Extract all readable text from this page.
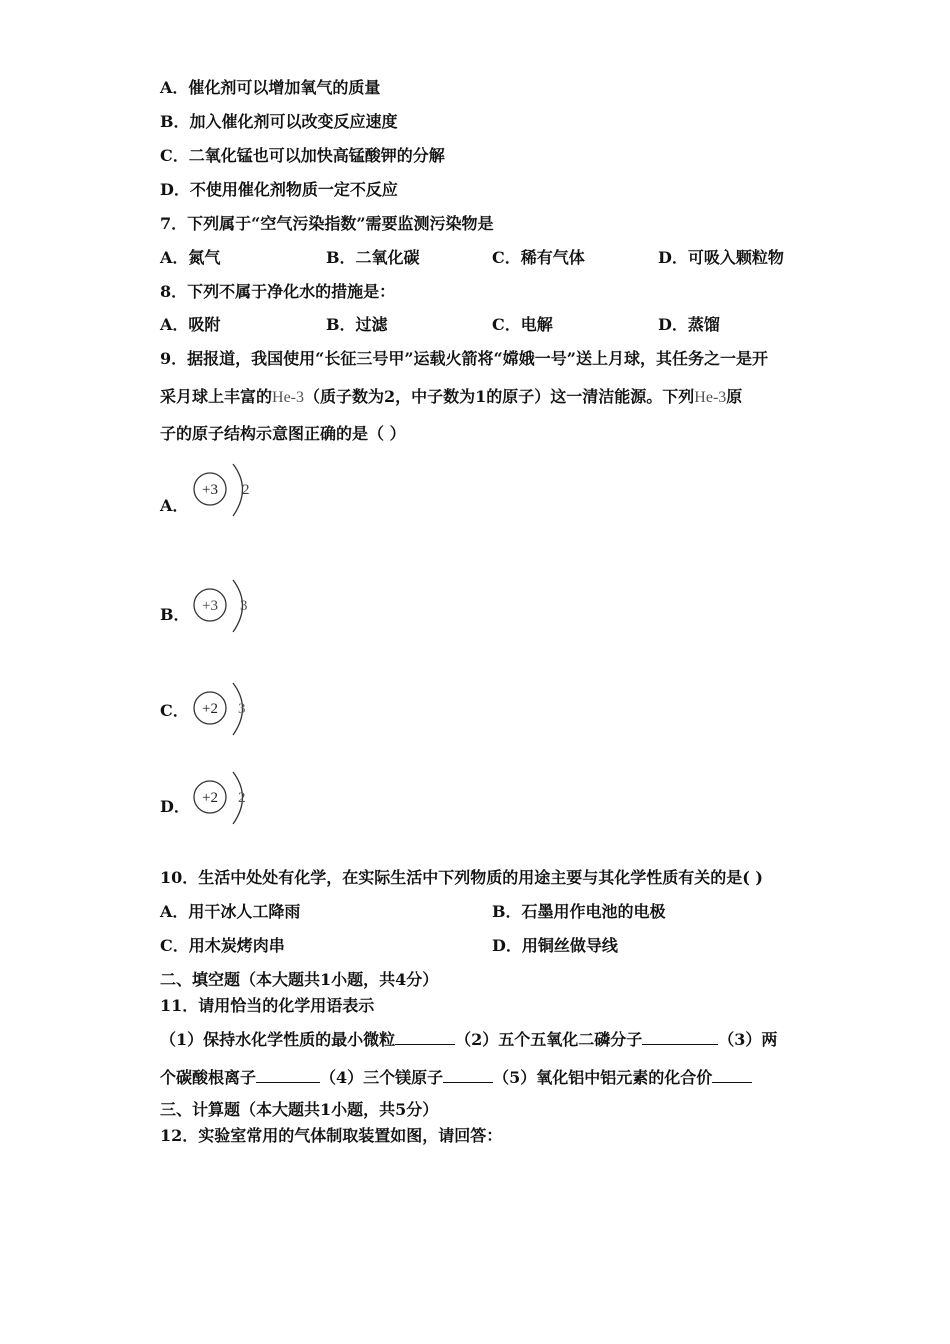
A．催化剂可以增加氧气的质量
B．加入催化剂可以改变反应速度
C．二氧化锰也可以加快高锰酸钾的分解
D．不使用催化剂物质一定不反应
7．下列属于“空气污染指数”需要监测污染物是
A．氮气	B．二氧化碳	C．稀有气体	D．可吸入颗粒物
8．下列不属于净化水的措施是：
A．吸附	B．过滤	C．电解	D．蒸馏
9．据报道，我国使用“长征三号甲”运载火箭将“嫦娥一号”送上月球，其任务之一是开
采月球上丰富的He-3（质子数为2，中子数为1的原子）这一清洁能源。下列He-3原
子的原子结构示意图正确的是（ ）
A．
+3 2
B． +3 3
C． +2 3
D． +2 2
10．生活中处处有化学，在实际生活中下列物质的用途主要与其化学性质有关的是( )
A．用干冰人工降雨	B．石墨用作电池的电极
C．用木炭烤肉串	D．用铜丝做导线
二、填空题（本大题共1小题，共4分）
11．请用恰当的化学用语表示
（1）保持水化学性质的最小微粒	（2）五个五氧化二磷分子	（3）两
个碳酸根离子	（4）三个镁原子	（5）氧化铝中铝元素的化合价
三、计算题（本大题共1小题，共5分）
12．实验室常用的气体制取装置如图，请回答：
